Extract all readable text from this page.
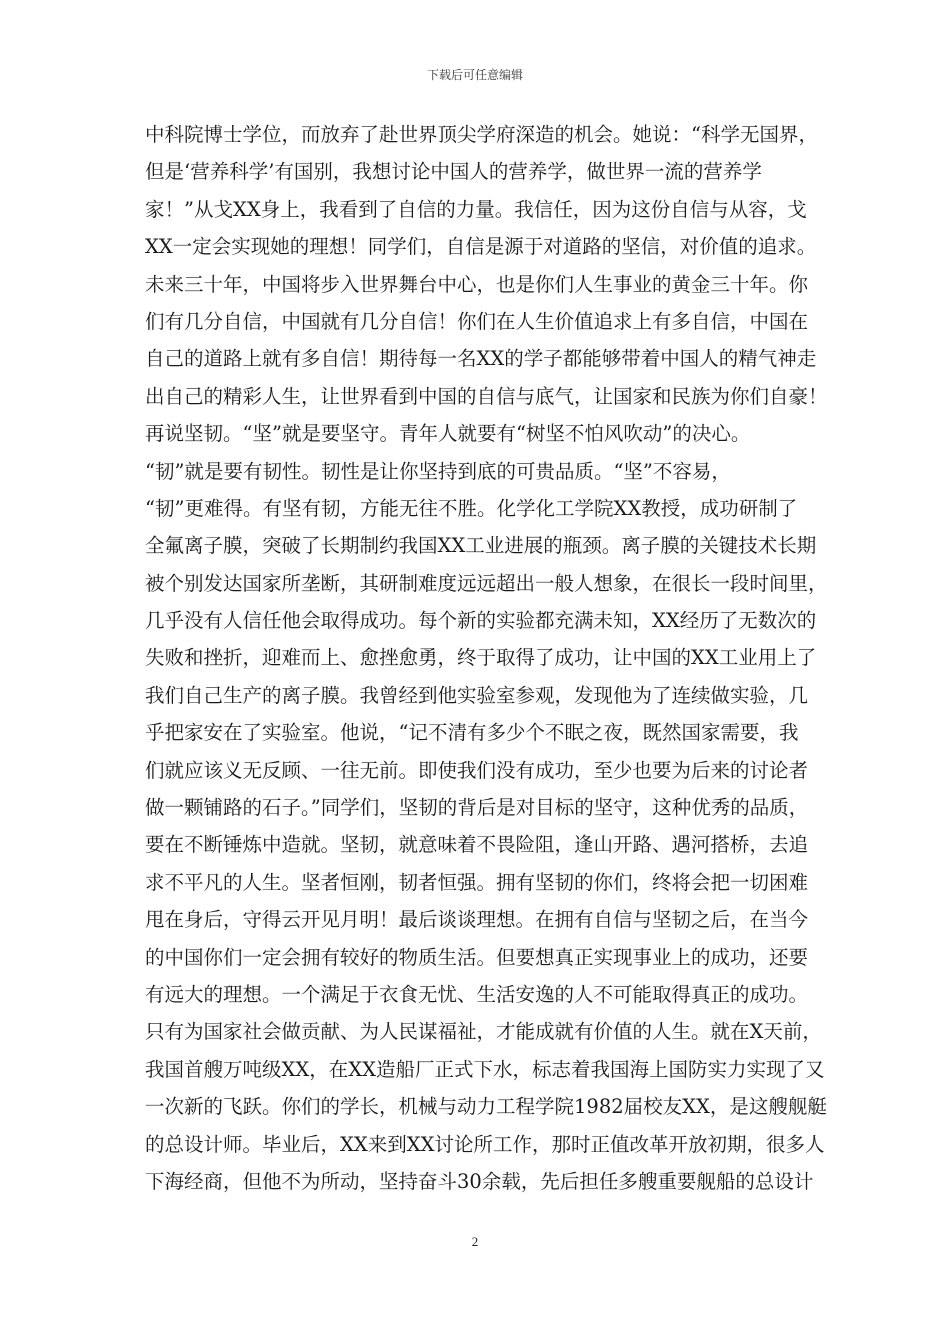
下载后可任意编辑
中科院博士学位，而放弃了赴世界顶尖学府深造的机会。她说：“科学无国界，
但是‘营养科学’有国别，我想讨论中国人的营养学，做世界一流的营养学
家！”从戈XX身上，我看到了自信的力量。我信任，因为这份自信与从容，戈
XX一定会实现她的理想！同学们，自信是源于对道路的坚信，对价值的追求。
未来三十年，中国将步入世界舞台中心，也是你们人生事业的黄金三十年。你
们有几分自信，中国就有几分自信！你们在人生价值追求上有多自信，中国在
自己的道路上就有多自信！期待每一名XX的学子都能够带着中国人的精气神走
出自己的精彩人生，让世界看到中国的自信与底气，让国家和民族为你们自豪！
再说坚韧。“坚”就是要坚守。青年人就要有“树坚不怕风吹动”的决心。
“韧”就是要有韧性。韧性是让你坚持到底的可贵品质。“坚”不容易，
“韧”更难得。有坚有韧，方能无往不胜。化学化工学院XX教授，成功研制了
全氟离子膜，突破了长期制约我国XX工业进展的瓶颈。离子膜的关键技术长期
被个别发达国家所垄断，其研制难度远远超出一般人想象，在很长一段时间里，
几乎没有人信任他会取得成功。每个新的实验都充满未知，XX经历了无数次的
失败和挫折，迎难而上、愈挫愈勇，终于取得了成功，让中国的XX工业用上了
我们自己生产的离子膜。我曾经到他实验室参观，发现他为了连续做实验，几
乎把家安在了实验室。他说，“记不清有多少个不眠之夜，既然国家需要，我
们就应该义无反顾、一往无前。即使我们没有成功，至少也要为后来的讨论者
做一颗铺路的石子。”同学们，坚韧的背后是对目标的坚守，这种优秀的品质，
要在不断锤炼中造就。坚韧，就意味着不畏险阻，逢山开路、遇河搭桥，去追
求不平凡的人生。坚者恒刚，韧者恒强。拥有坚韧的你们，终将会把一切困难
甩在身后，守得云开见月明！最后谈谈理想。在拥有自信与坚韧之后，在当今
的中国你们一定会拥有较好的物质生活。但要想真正实现事业上的成功，还要
有远大的理想。一个满足于衣食无忧、生活安逸的人不可能取得真正的成功。
只有为国家社会做贡献、为人民谋福祉，才能成就有价值的人生。就在X天前，
我国首艘万吨级XX，在XX造船厂正式下水，标志着我国海上国防实力实现了又
一次新的飞跃。你们的学长，机械与动力工程学院1982届校友XX，是这艘舰艇
的总设计师。毕业后，XX来到XX讨论所工作，那时正值改革开放初期，很多人
下海经商，但他不为所动，坚持奋斗30余载，先后担任多艘重要舰船的总设计
2
